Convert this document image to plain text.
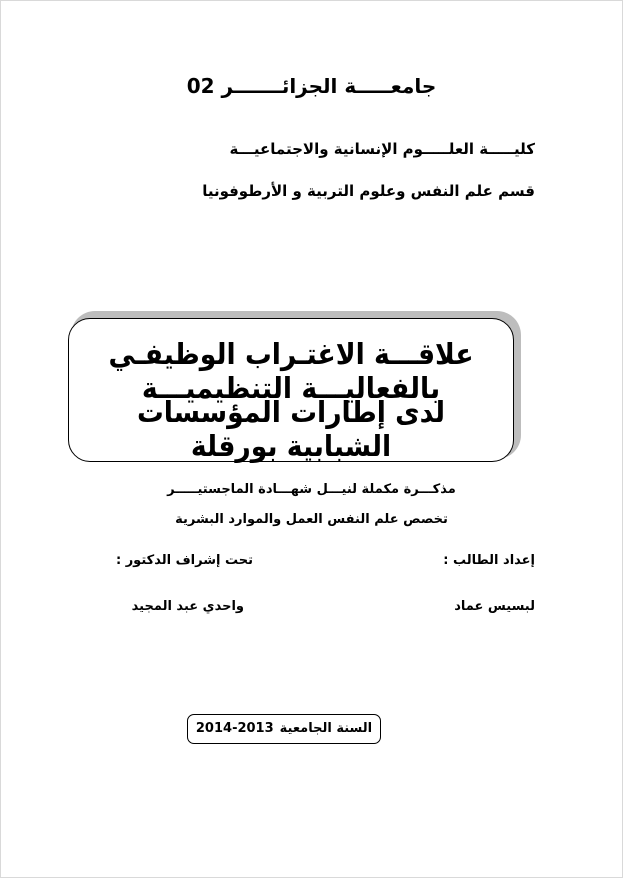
جامعـــــة الجزائـــــــر 02
كليـــــة العلـــــوم الإنسانية والاجتماعيـــة
قسم علم النفس وعلوم التربية و الأرطوفونيا
علاقـــة الاغتـراب الوظيفـي بالفعاليـــة التنظيميـــة
لدى إطارات المؤسسات الشبابية بورقلة
مذكـــرة مكملة لنيـــل شهـــادة الماجستيـــــر
تخصص علم النفس العمل والموارد البشرية
إعداد الطالب :
لبسيس عماد
تحت إشراف الدكتور :
واحدي عبد المجيد
السنة الجامعية2014-2013
